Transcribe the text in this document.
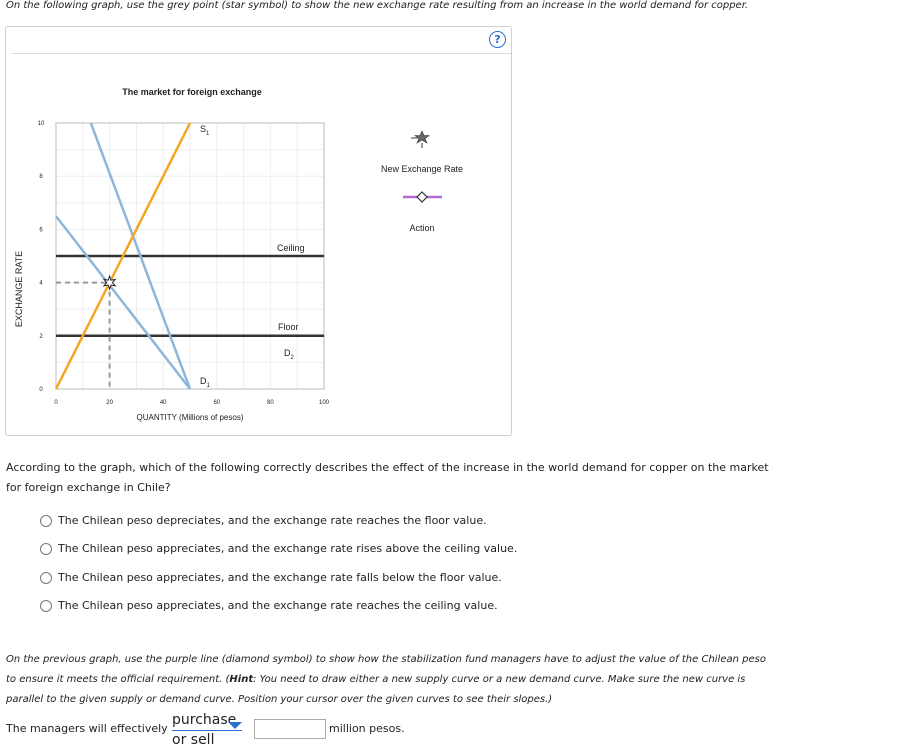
On the following graph, use the grey point (star symbol) to show the new exchange rate resulting from an increase in the world demand for copper.
?
The market for foreign exchange
EXCHANGE RATE
QUANTITY (Millions of pesos)
0
2
4
6
8
10
0	20	40	60	80	100
Ceiling
Floor
$S_1$
$D_1$
$D_2$
New Exchange Rate
Action
According to the graph, which of the following correctly describes the effect of the increase in the world demand for copper on the market for foreign exchange in Chile?
The Chilean peso depreciates, and the exchange rate reaches the floor value.
The Chilean peso appreciates, and the exchange rate rises above the ceiling value.
The Chilean peso appreciates, and the exchange rate falls below the floor value.
The Chilean peso appreciates, and the exchange rate reaches the ceiling value.
On the previous graph, use the purple line (diamond symbol) to show how the stabilization fund managers have to adjust the value of the Chilean peso to ensure it meets the official requirement. (Hint: You need to draw either a new supply curve or a new demand curve. Make sure the new curve is parallel to the given supply or demand curve. Position your cursor over the given curves to see their slopes.)
The managers will effectively
purchase
or sell
million pesos.
